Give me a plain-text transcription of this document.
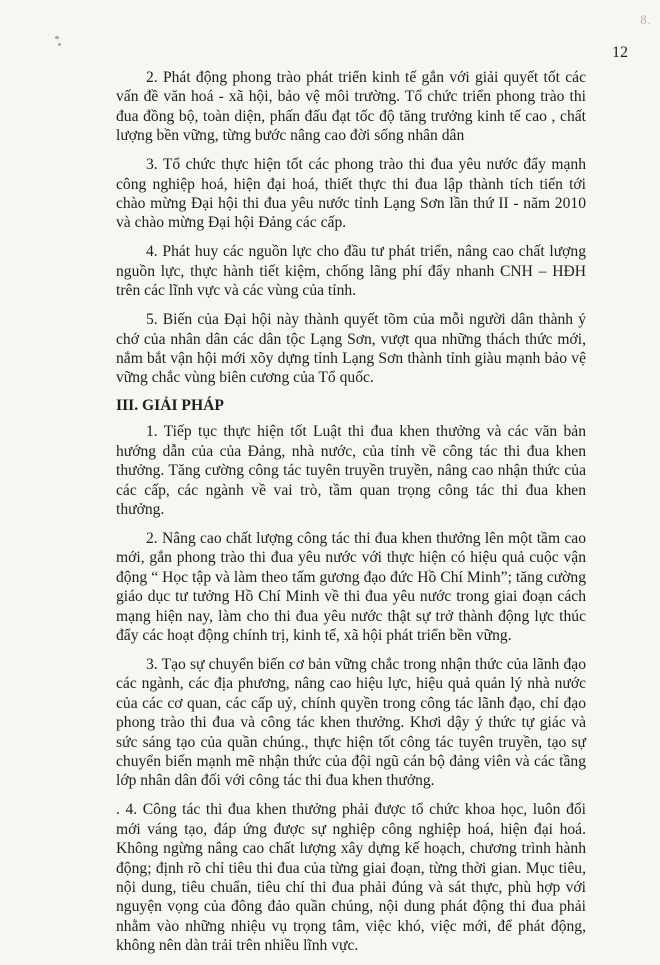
8.
12

2. Phát động phong trào phát triển kinh tế gắn với giải quyết tốt các vấn đề văn hoá - xã hội, bảo vệ môi trường. Tổ chức triển phong trào thi đua đồng bộ, toàn diện, phấn đấu đạt tốc độ tăng trưởng kinh tế cao , chất lượng bền vững, từng bước nâng cao đời sống nhân dân

3. Tổ chức thực hiện tốt các phong trào thi đua yêu nước đẩy mạnh công nghiệp hoá, hiện đại hoá, thiết thực thi đua lập thành tích tiến tới chào mừng Đại hội thi đua yêu nước tỉnh Lạng Sơn lần thứ II - năm 2010 và chào mừng Đại hội Đảng các cấp.

4. Phát huy các nguồn lực cho đầu tư phát triển, nâng cao chất lượng nguồn lực, thực hành tiết kiệm, chống lãng phí đẩy nhanh CNH – HĐH trên các lĩnh vực và các vùng của tỉnh.

5. Biến của Đại hội này thành quyết tõm của mỗi người dân thành ý chớ của nhân dân các dân tộc Lạng Sơn, vượt qua những thách thức mới, nắm bắt vận hội mới xõy dựng tỉnh Lạng Sơn thành tỉnh giàu mạnh bảo vệ vững chắc vùng biên cương của Tổ quốc.

III. GIẢI PHÁP

1. Tiếp tục thực hiện tốt Luật thi đua khen thưởng và các văn bản hướng dẫn của của Đảng, nhà nước, của tỉnh về công tác thi đua khen thưởng. Tăng cường công tác tuyên truyền truyền, nâng cao nhận thức của các cấp, các ngành về vai trò, tầm quan trọng công tác thi đua khen thưởng.

2. Nâng cao chất lượng công tác thi đua khen thưởng lên một tầm cao mới, gắn phong trào thi đua yêu nước với thực hiện có hiệu quả cuộc vận động “ Học tập và làm theo tấm gương đạo đức Hồ Chí Minh”; tăng cường giáo dục tư tưởng Hồ Chí Minh về thi đua yêu nước trong giai đoạn cách mạng hiện nay, làm cho thi đua yêu nước thật sự trở thành động lực thúc đẩy các hoạt động chính trị, kinh tế, xã hội phát triển bền vững.

3. Tạo sự chuyển biến cơ bản vững chắc trong nhận thức của lãnh đạo các ngành, các địa phương, nâng cao hiệu lực, hiệu quả quản lý nhà nước của các cơ quan, các cấp uỷ, chính quyền trong công tác lãnh đạo, chỉ đạo phong trào thi đua và công tác khen thưởng. Khơi dậy ý thức tự giác và sức sáng tạo của quần chúng., thực hiện tốt công tác tuyên truyền, tạo sự chuyển biến mạnh mẽ nhận thức của đội ngũ cán bộ đảng viên và các tầng lớp nhân dân đối với công tác thi đua khen thưởng.

. 4. Công tác thi đua khen thưởng phải được tổ chức khoa học, luôn đổi mới váng tạo, đáp ứng được sự nghiệp công nghiệp hoá, hiện đại hoá. Không ngừng nâng cao chất lượng xây dựng kế hoạch, chương trình hành động; định rõ chỉ tiêu thi đua của từng giai đoạn, từng thời gian. Mục tiêu, nội dung, tiêu chuẩn, tiêu chí thi đua phải đúng và sát thực, phù hợp với nguyện vọng của đông đảo quần chúng, nội dung phát động thi đua phải nhằm vào những nhiệu vụ trọng tâm, việc khó, việc mới, để phát động, không nên dàn trải trên nhiều lĩnh vực.
